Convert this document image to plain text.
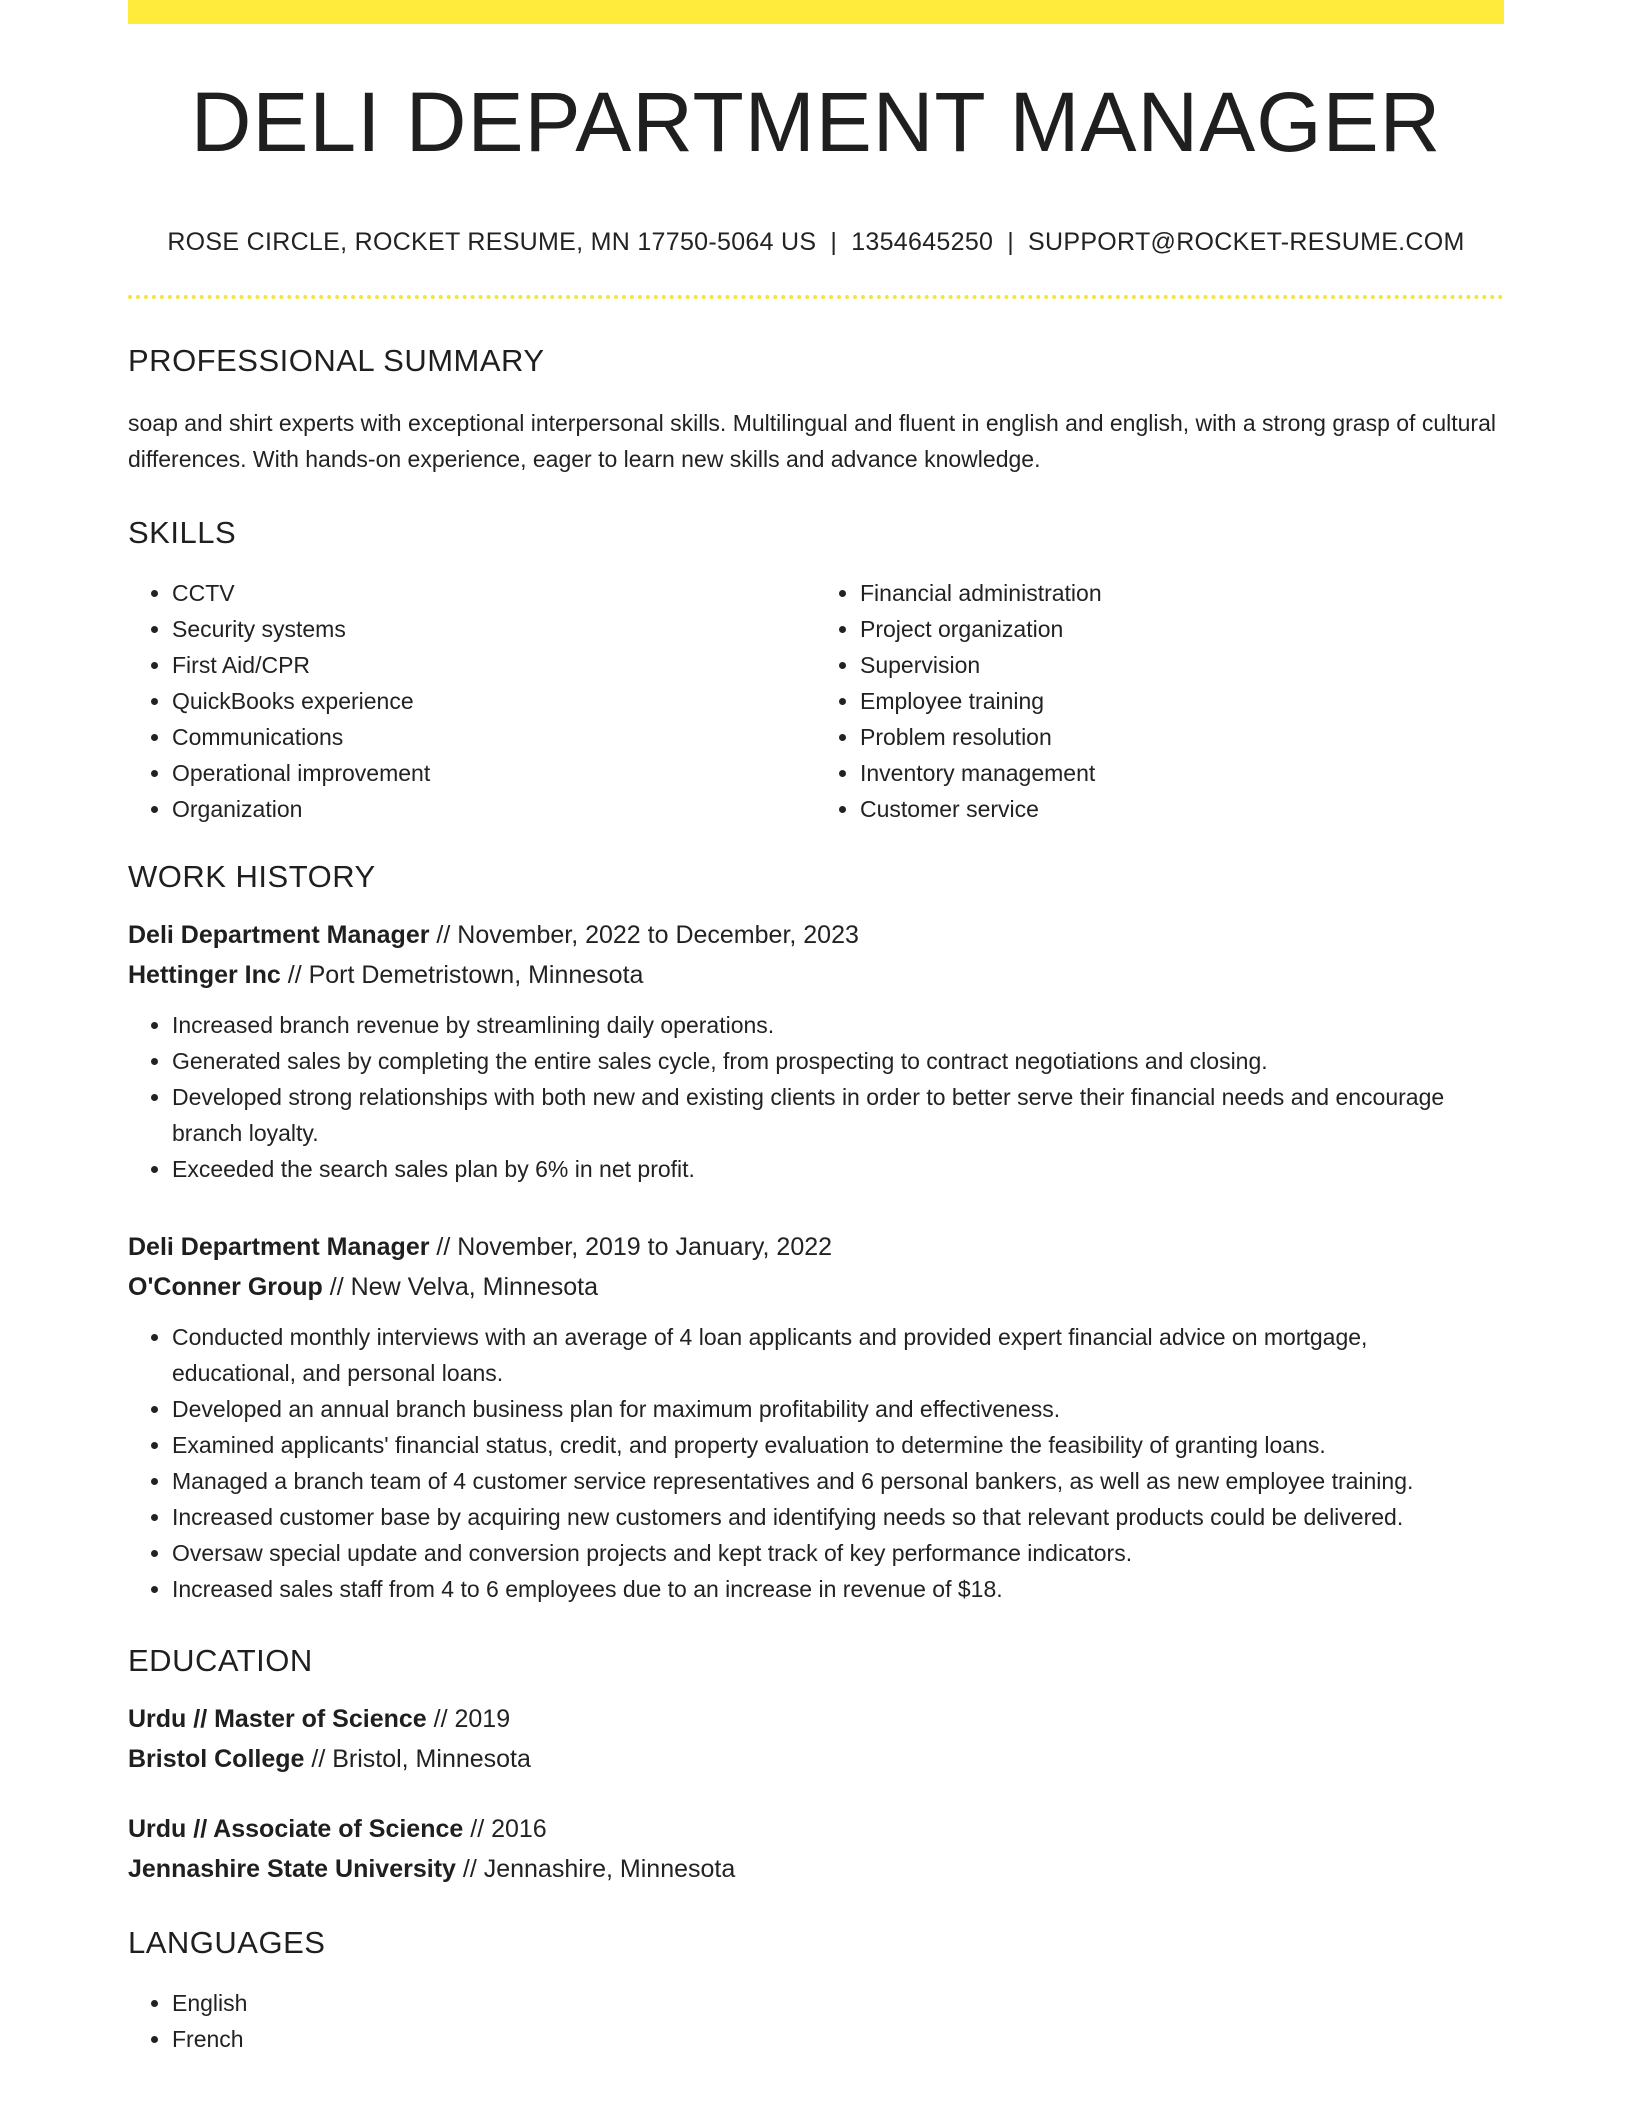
DELI DEPARTMENT MANAGER
ROSE CIRCLE, ROCKET RESUME, MN 17750-5064 US | 1354645250 | SUPPORT@ROCKET-RESUME.COM
PROFESSIONAL SUMMARY
soap and shirt experts with exceptional interpersonal skills. Multilingual and fluent in english and english, with a strong grasp of cultural differences. With hands-on experience, eager to learn new skills and advance knowledge.
SKILLS
• CCTV
• Security systems
• First Aid/CPR
• QuickBooks experience
• Communications
• Operational improvement
• Organization
• Financial administration
• Project organization
• Supervision
• Employee training
• Problem resolution
• Inventory management
• Customer service
WORK HISTORY
Deli Department Manager // November, 2022 to December, 2023
Hettinger Inc // Port Demetristown, Minnesota
• Increased branch revenue by streamlining daily operations.
• Generated sales by completing the entire sales cycle, from prospecting to contract negotiations and closing.
• Developed strong relationships with both new and existing clients in order to better serve their financial needs and encourage branch loyalty.
• Exceeded the search sales plan by 6% in net profit.
Deli Department Manager // November, 2019 to January, 2022
O'Conner Group // New Velva, Minnesota
• Conducted monthly interviews with an average of 4 loan applicants and provided expert financial advice on mortgage, educational, and personal loans.
• Developed an annual branch business plan for maximum profitability and effectiveness.
• Examined applicants' financial status, credit, and property evaluation to determine the feasibility of granting loans.
• Managed a branch team of 4 customer service representatives and 6 personal bankers, as well as new employee training.
• Increased customer base by acquiring new customers and identifying needs so that relevant products could be delivered.
• Oversaw special update and conversion projects and kept track of key performance indicators.
• Increased sales staff from 4 to 6 employees due to an increase in revenue of $18.
EDUCATION
Urdu // Master of Science // 2019
Bristol College // Bristol, Minnesota
Urdu // Associate of Science // 2016
Jennashire State University // Jennashire, Minnesota
LANGUAGES
• English
• French
